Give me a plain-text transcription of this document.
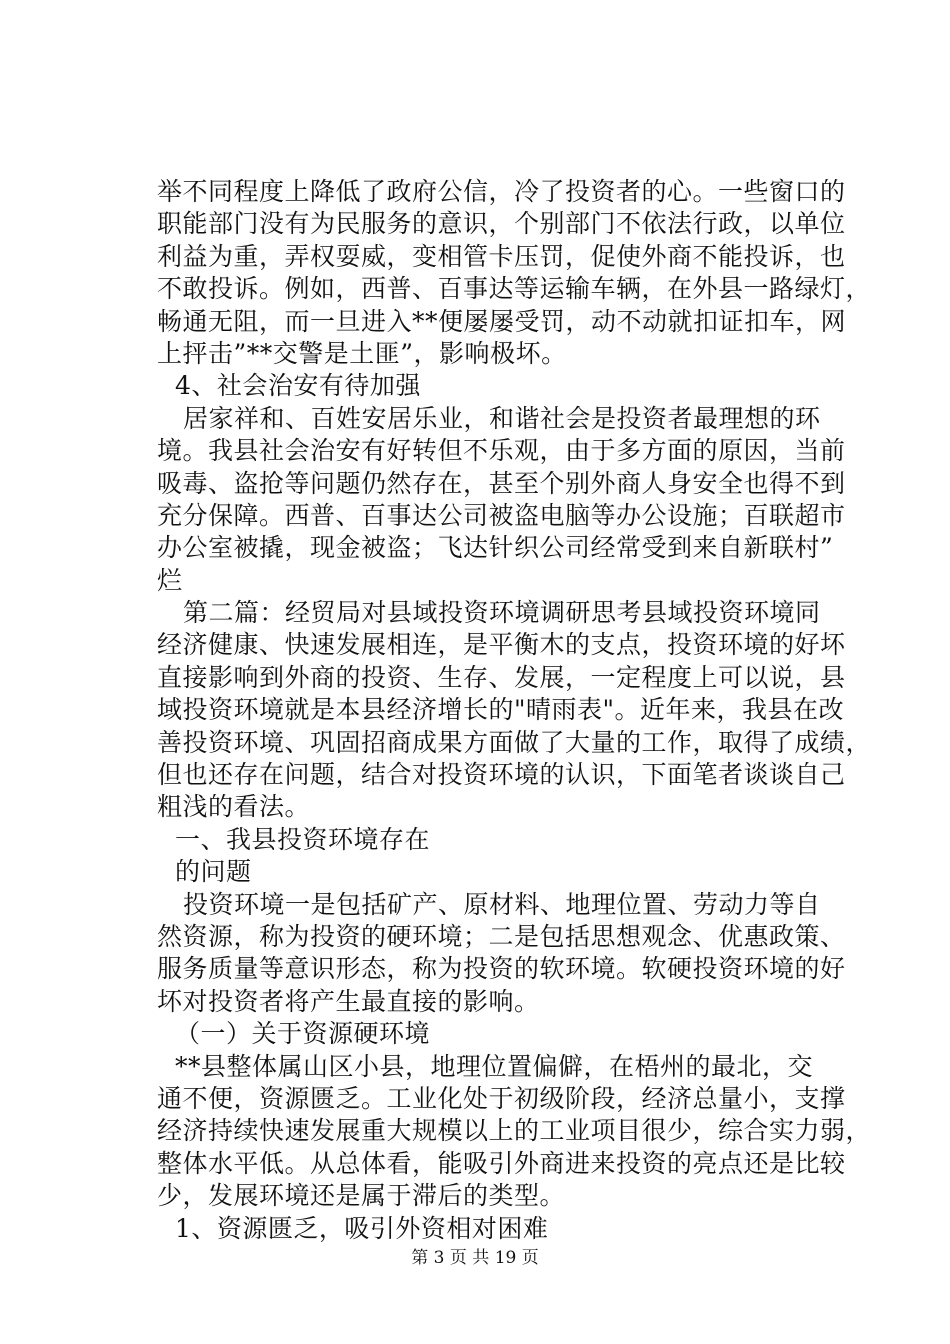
举不同程度上降低了政府公信，冷了投资者的心。一些窗口的
职能部门没有为民服务的意识，个别部门不依法行政，以单位
利益为重，弄权耍威，变相管卡压罚，促使外商不能投诉，也
不敢投诉。例如，西普、百事达等运输车辆，在外县一路绿灯，
畅通无阻，而一旦进入**便屡屡受罚，动不动就扣证扣车，网
上抨击”**交警是土匪”，影响极坏。
4、社会治安有待加强
居家祥和、百姓安居乐业，和谐社会是投资者最理想的环
境。我县社会治安有好转但不乐观，由于多方面的原因，当前
吸毒、盗抢等问题仍然存在，甚至个别外商人身安全也得不到
充分保障。西普、百事达公司被盗电脑等办公设施；百联超市
办公室被撬，现金被盗；飞达针织公司经常受到来自新联村”
烂
第二篇：经贸局对县域投资环境调研思考县域投资环境同
经济健康、快速发展相连，是平衡木的支点，投资环境的好坏
直接影响到外商的投资、生存、发展，一定程度上可以说，县
域投资环境就是本县经济增长的"晴雨表"。近年来，我县在改
善投资环境、巩固招商成果方面做了大量的工作，取得了成绩，
但也还存在问题，结合对投资环境的认识，下面笔者谈谈自己
粗浅的看法。
一、我县投资环境存在
的问题
投资环境一是包括矿产、原材料、地理位置、劳动力等自
然资源，称为投资的硬环境；二是包括思想观念、优惠政策、
服务质量等意识形态，称为投资的软环境。软硬投资环境的好
坏对投资者将产生最直接的影响。
（一）关于资源硬环境
**县整体属山区小县，地理位置偏僻，在梧州的最北，交
通不便，资源匮乏。工业化处于初级阶段，经济总量小，支撑
经济持续快速发展重大规模以上的工业项目很少，综合实力弱，
整体水平低。从总体看，能吸引外商进来投资的亮点还是比较
少，发展环境还是属于滞后的类型。
1、资源匮乏，吸引外资相对困难
第 3 页 共 19 页
